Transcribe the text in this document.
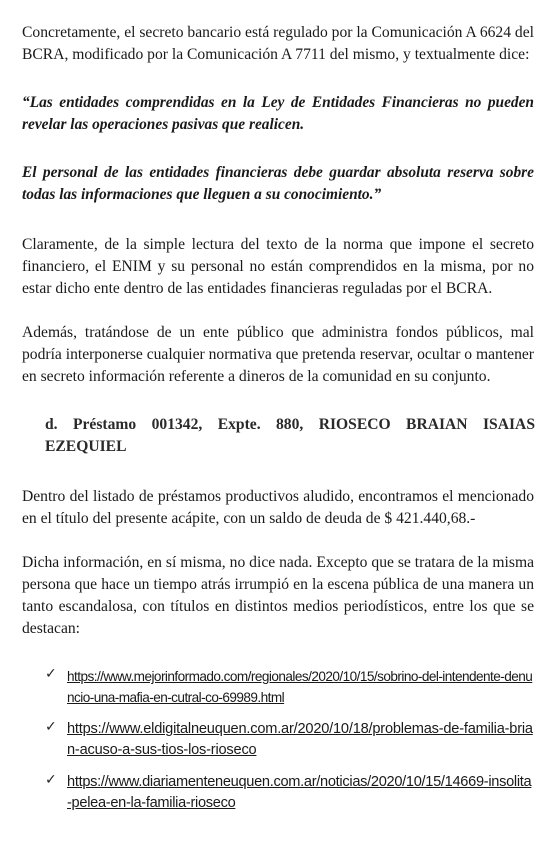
Concretamente, el secreto bancario está regulado por la Comunicación A 6624 del BCRA, modificado por la Comunicación A 7711 del mismo, y textualmente dice:

“Las entidades comprendidas en la Ley de Entidades Financieras no pueden revelar las operaciones pasivas que realicen.

El personal de las entidades financieras debe guardar absoluta reserva sobre todas las informaciones que lleguen a su conocimiento.”

Claramente, de la simple lectura del texto de la norma que impone el secreto financiero, el ENIM y su personal no están comprendidos en la misma, por no estar dicho ente dentro de las entidades financieras reguladas por el BCRA.

Además, tratándose de un ente público que administra fondos públicos, mal podría interponerse cualquier normativa que pretenda reservar, ocultar o mantener en secreto información referente a dineros de la comunidad en su conjunto.

d. Préstamo 001342, Expte. 880, RIOSECO BRAIAN ISAIAS EZEQUIEL

Dentro del listado de préstamos productivos aludido, encontramos el mencionado en el título del presente acápite, con un saldo de deuda de $ 421.440,68.-

Dicha información, en sí misma, no dice nada. Excepto que se tratara de la misma persona que hace un tiempo atrás irrumpió en la escena pública de una manera un tanto escandalosa, con títulos en distintos medios periodísticos, entre los que se destacan:

✓ https://www.mejorinformado.com/regionales/2020/10/15/sobrino-del-intendente-denuncio-una-mafia-en-cutral-co-69989.html
✓ https://www.eldigitalneuquen.com.ar/2020/10/18/problemas-de-familia-brian-acuso-a-sus-tios-los-rioseco
✓ https://www.diariamenteneuquen.com.ar/noticias/2020/10/15/14669-insolita-pelea-en-la-familia-rioseco
